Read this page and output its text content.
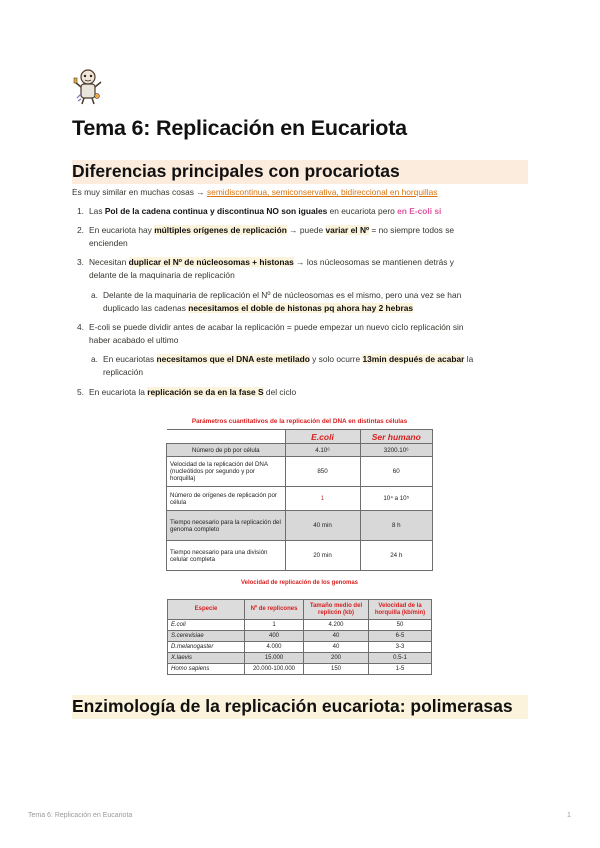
Tema 6: Replicación en Eucariota
Diferencias principales con procariotas
Es muy similar en muchas cosas → semidiscontinua, semiconservativa, bidireccional en horquillas
1. Las Pol de la cadena continua y discontinua NO son iguales en eucariota pero en E-coli si
2. En eucariota hay múltiples orígenes de replicación → puede variar el Nº = no siempre todos se
encienden
3. Necesitan duplicar el Nº de núcleosomas + histonas → los núcleosomas se mantienen detrás y
delante de la maquinaria de replicación
a. Delante de la maquinaria de replicación el Nº de núcleosomas es el mismo, pero una vez se han
duplicado las cadenas necesitamos el doble de histonas pq ahora hay 2 hebras
4. E-coli se puede dividir antes de acabar la replicación = puede empezar un nuevo ciclo replicación sin
haber acabado el ultimo
a. En eucariotas necesitamos que el DNA este metilado y solo ocurre 13min después de acabar la
replicación
5. En eucariota la replicación se da en la fase S del ciclo
Parámetros cuantitativos de la replicación del DNA en distintas células		
	E.coli	Ser humano
Número de pb por célula	4.10⁶	3200.10⁶
Velocidad de la replicación del DNA (nucleótidos por segundo y por horquilla)	850	60
Número de orígenes de replicación por célula	1	10⁴ a 10⁵
Tiempo necesario para la replicación del genoma completo	40 min	8 h
Tiempo necesario para una división celular completa	20 min	24 h
Velocidad de replicación de los genomas			
Especie	Nº de replicones	Tamaño medio del replicón (kb)	Velocidad de la horquilla (kb/min)
E.coli	1	4.200	50
S.cerevisiae	400	40	6-5
D.melanogaster	4.000	40	3-3
X.laevis	15.000	200	0.5-1
Homo sapiens	20.000-100.000	150	1-5
Enzimología de la replicación eucariota: polimerasas
Tema 6: Replicación en Eucariota	1
